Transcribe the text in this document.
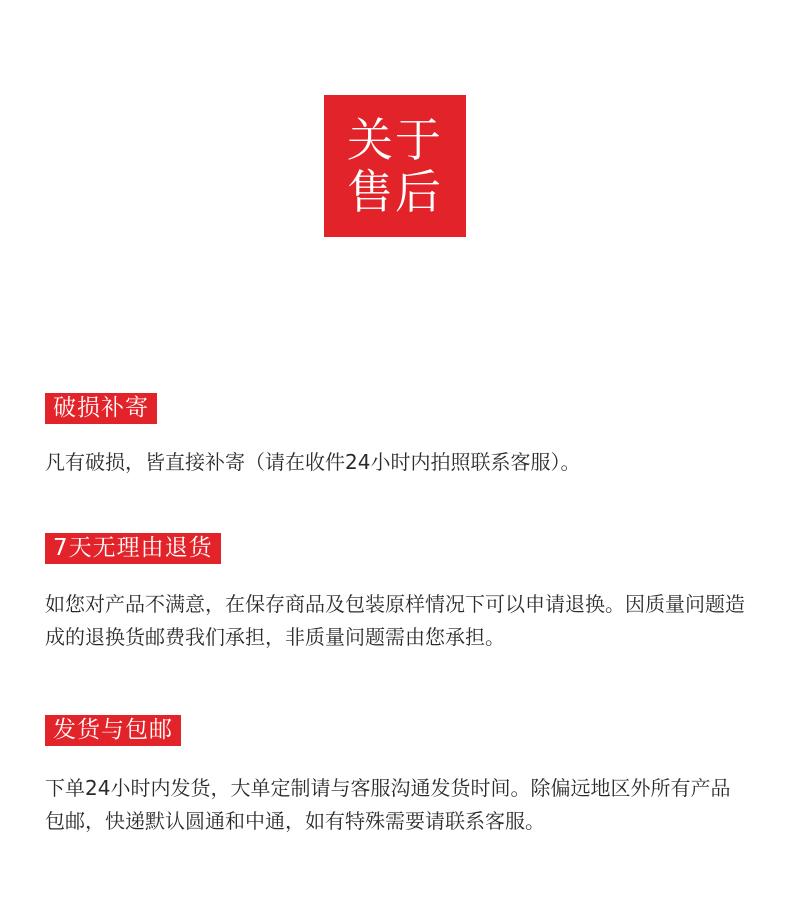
关于
售后
破损补寄

凡有破损，皆直接补寄（请在收件24小时内拍照联系客服）。

7天无理由退货

如您对产品不满意，在保存商品及包装原样情况下可以申请退换。因质量问题造成的退换货邮费我们承担，非质量问题需由您承担。

发货与包邮

下单24小时内发货，大单定制请与客服沟通发货时间。除偏远地区外所有产品包邮，快递默认圆通和中通，如有特殊需要请联系客服。
